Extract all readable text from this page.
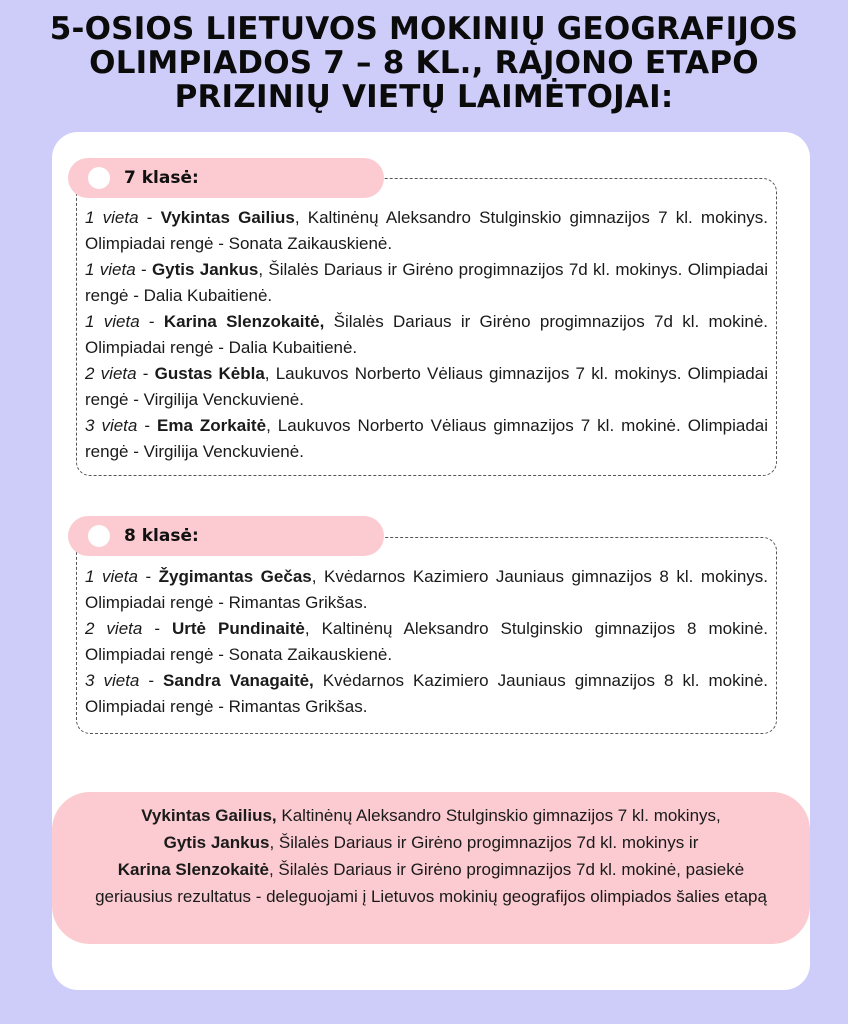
5-OSIOS LIETUVOS MOKINIŲ GEOGRAFIJOS
OLIMPIADOS 7 – 8 KL., RAJONO ETAPO
PRIZINIŲ VIETŲ LAIMĖTOJAI:

1 vieta - Vykintas Gailius, Kaltinėnų Aleksandro Stulginskio gimnazijos 7 kl. mokinys. Olimpiadai rengė - Sonata Zaikauskienė.

1 vieta - Gytis Jankus, Šilalės Dariaus ir Girėno progimnazijos 7d kl. mokinys. Olimpiadai rengė - Dalia Kubaitienė.

1 vieta - Karina Slenzokaitė, Šilalės Dariaus ir Girėno progimnazijos 7d kl. mokinė. Olimpiadai rengė - Dalia Kubaitienė.

2 vieta - Gustas Kėbla, Laukuvos Norberto Vėliaus gimnazijos 7 kl. mokinys. Olimpiadai rengė - Virgilija Venckuvienė.

3 vieta - Ema Zorkaitė, Laukuvos Norberto Vėliaus gimnazijos 7 kl. mokinė. Olimpiadai rengė - Virgilija Venckuvienė.

7 klasė:

1 vieta - Žygimantas Gečas, Kvėdarnos Kazimiero Jauniaus gimnazijos 8 kl. mokinys. Olimpiadai rengė - Rimantas Grikšas.

2 vieta - Urtė Pundinaitė, Kaltinėnų Aleksandro Stulginskio gimnazijos 8 mokinė. Olimpiadai rengė - Sonata Zaikauskienė.

3 vieta - Sandra Vanagaitė, Kvėdarnos Kazimiero Jauniaus gimnazijos 8 kl. mokinė. Olimpiadai rengė - Rimantas Grikšas.

8 klasė:
Vykintas Gailius, Kaltinėnų Aleksandro Stulginskio gimnazijos 7 kl. mokinys,
Gytis Jankus, Šilalės Dariaus ir Girėno progimnazijos 7d kl. mokinys ir
Karina Slenzokaitė, Šilalės Dariaus ir Girėno progimnazijos 7d kl. mokinė, pasiekė geriausius rezultatus - deleguojami į Lietuvos mokinių geografijos olimpiados šalies etapą
